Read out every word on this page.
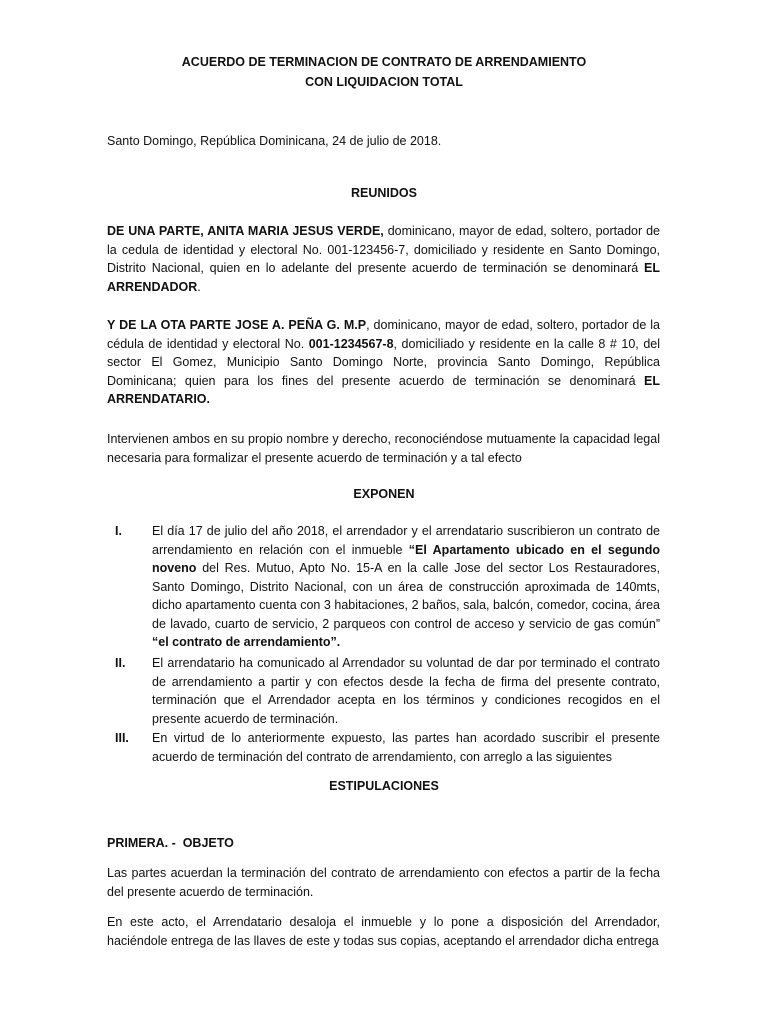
ACUERDO DE TERMINACION DE CONTRATO DE ARRENDAMIENTO
CON LIQUIDACION TOTAL
Santo Domingo, República Dominicana, 24 de julio de 2018.
REUNIDOS
DE UNA PARTE, ANITA MARIA JESUS VERDE, dominicano, mayor de edad, soltero, portador de la cedula de identidad y electoral No. 001-123456-7, domiciliado y residente en Santo Domingo, Distrito Nacional, quien en lo adelante del presente acuerdo de terminación se denominará EL ARRENDADOR.
Y DE LA OTA PARTE JOSE A. PEÑA G. M.P, dominicano, mayor de edad, soltero, portador de la cédula de identidad y electoral No. 001-1234567-8, domiciliado y residente en la calle 8 # 10, del sector El Gomez, Municipio Santo Domingo Norte, provincia Santo Domingo, República Dominicana; quien para los fines del presente acuerdo de terminación se denominará EL ARRENDATARIO.
Intervienen ambos en su propio nombre y derecho, reconociéndose mutuamente la capacidad legal necesaria para formalizar el presente acuerdo de terminación y a tal efecto
EXPONEN
I.	El día 17 de julio del año 2018, el arrendador y el arrendatario suscribieron un contrato de arrendamiento en relación con el inmueble “El Apartamento ubicado en el segundo noveno del Res. Mutuo, Apto No. 15-A en la calle Jose del sector Los Restauradores, Santo Domingo, Distrito Nacional, con un área de construcción aproximada de 140mts, dicho apartamento cuenta con 3 habitaciones, 2 baños, sala, balcón, comedor, cocina, área de lavado, cuarto de servicio, 2 parqueos con control de acceso y servicio de gas común” “el contrato de arrendamiento”.
II.	El arrendatario ha comunicado al Arrendador su voluntad de dar por terminado el contrato de arrendamiento a partir y con efectos desde la fecha de firma del presente contrato, terminación que el Arrendador acepta en los términos y condiciones recogidos en el presente acuerdo de terminación.
III.	En virtud de lo anteriormente expuesto, las partes han acordado suscribir el presente acuerdo de terminación del contrato de arrendamiento, con arreglo a las siguientes
ESTIPULACIONES
PRIMERA. -  OBJETO
Las partes acuerdan la terminación del contrato de arrendamiento con efectos a partir de la fecha del presente acuerdo de terminación.
En este acto, el Arrendatario desaloja el inmueble y lo pone a disposición del Arrendador, haciéndole entrega de las llaves de este y todas sus copias, aceptando el arrendador dicha entrega
